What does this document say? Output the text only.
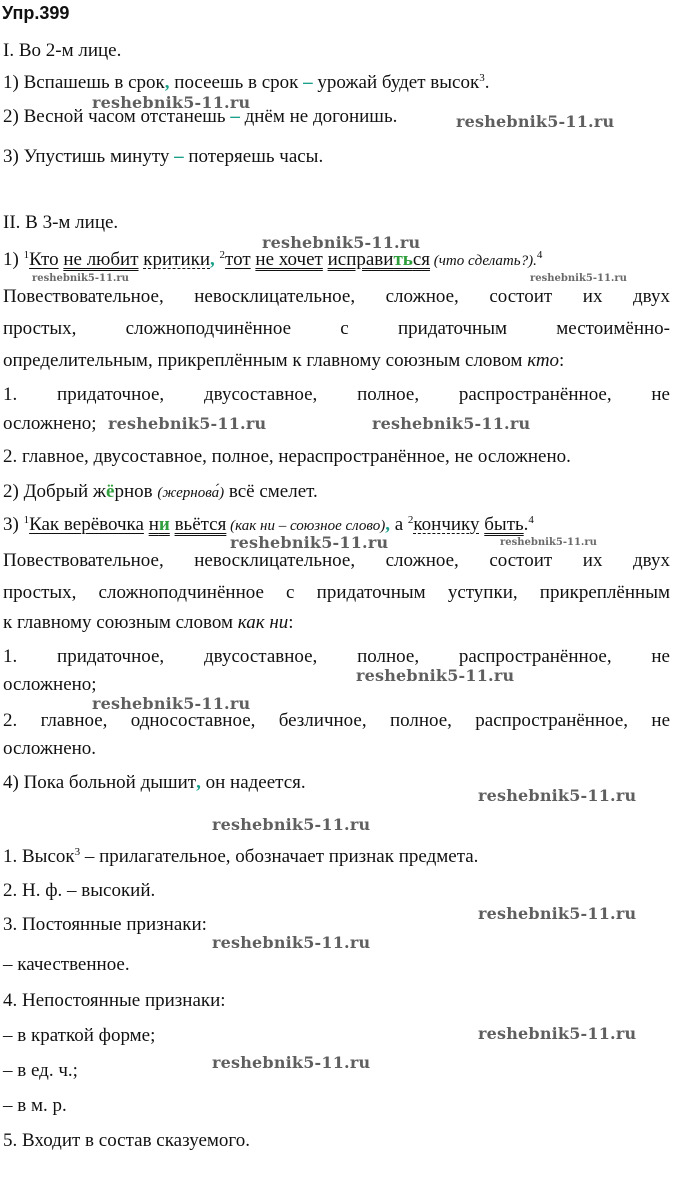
Упр.399
I. Во 2-м лице.
1) Вспашешь в срок, посеешь в срок – урожай будет высок$^3$.
2) Весной часом отстанешь – днём не догонишь.
3) Упустишь минуту – потеряешь часы.
II. В 3-м лице.
1) $^1$Кто не любит критики, $^2$тот не хочет исправиться (что сделать?).$^4$
Повествовательное, невосклицательное, сложное, состоит их двух
простых, сложноподчинённое с придаточным местоимённо-
определительным, прикреплённым к главному союзным словом кто:
1. придаточное, двусоставное, полное, распространённое, не
осложнено;
2. главное, двусоставное, полное, нераспространённое, не осложнено.
2) Добрый жёрнов (жернова́) всё смелет.
3) $^1$Как верёвочка ни вьётся (как ни – союзное слово), а $^2$кончику быть.$^4$
Повествовательное, невосклицательное, сложное, состоит их двух
простых, сложноподчинённое с придаточным уступки, прикреплённым
к главному союзным словом как ни:
1. придаточное, двусоставное, полное, распространённое, не
осложнено;
2. главное, односоставное, безличное, полное, распространённое, не
осложнено.
4) Пока больной дышит, он надеется.
1. Высок$^3$ – прилагательное, обозначает признак предмета.
2. Н. ф. – высокий.
3. Постоянные признаки:
– качественное.
4. Непостоянные признаки:
– в краткой форме;
– в ед. ч.;
– в м. р.
5. Входит в состав сказуемого.
reshebnik5-11.ru
reshebnik5-11.ru
reshebnik5-11.ru
reshebnik5-11.ru	reshebnik5-11.ru
reshebnik5-11.ru	reshebnik5-11.ru
reshebnik5-11.ru	reshebnik5-11.ru
reshebnik5-11.ru
reshebnik5-11.ru
reshebnik5-11.ru
reshebnik5-11.ru
reshebnik5-11.ru
reshebnik5-11.ru
reshebnik5-11.ru
reshebnik5-11.ru
